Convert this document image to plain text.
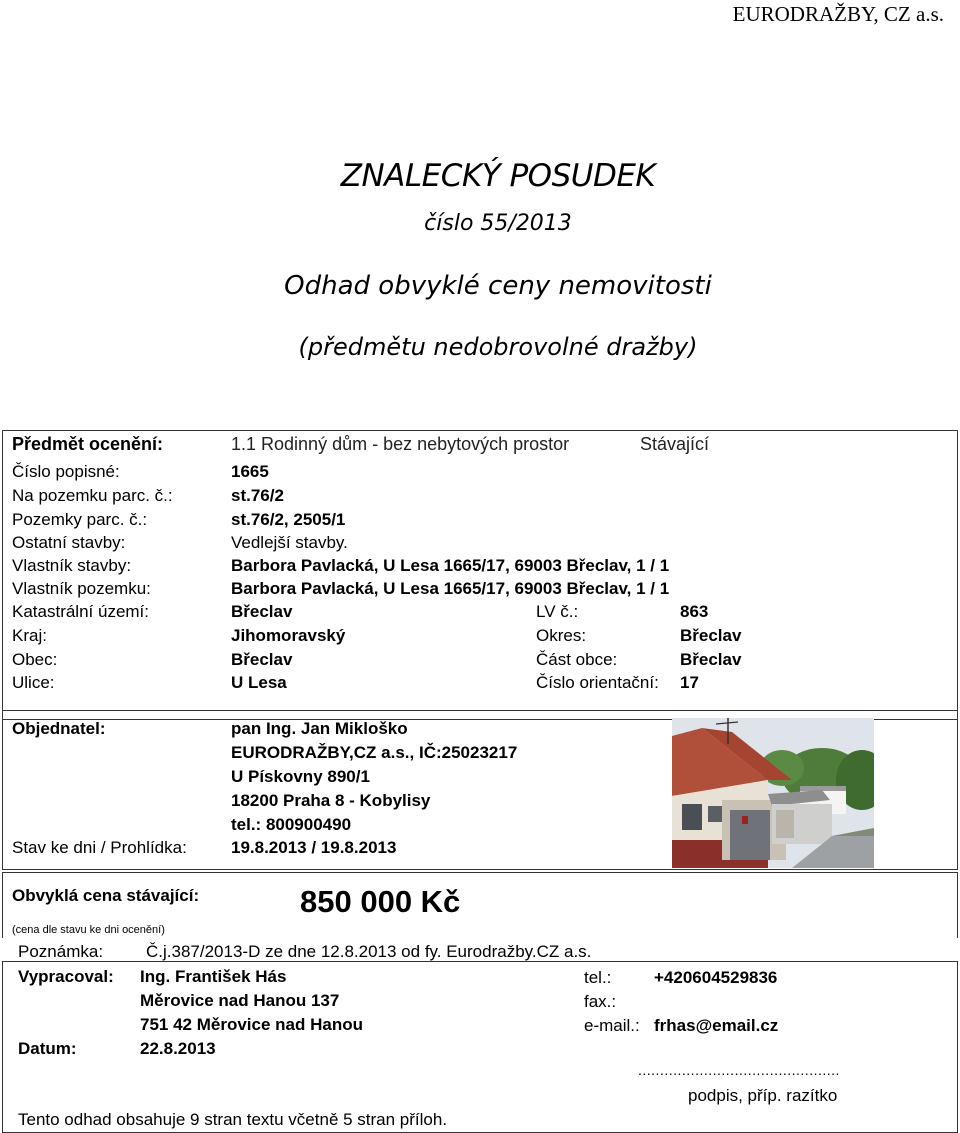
EURODRAŽBY, CZ a.s.
ZNALECKÝ POSUDEK
číslo 55/2013
Odhad obvyklé ceny nemovitosti
(předmětu nedobrovolné dražby)
Předmět ocenění:	1.1 Rodinný dům - bez nebytových prostor	Stávající
Číslo popisné:	1665
Na pozemku parc. č.:	st.76/2
Pozemky parc. č.:	st.76/2, 2505/1
Ostatní stavby:	Vedlejší stavby.
Vlastník stavby:	Barbora Pavlacká, U Lesa 1665/17, 69003 Břeclav, 1 / 1
Vlastník pozemku:	Barbora Pavlacká, U Lesa 1665/17, 69003 Břeclav, 1 / 1
Katastrální území:	Břeclav	LV č.:	863
Kraj:	Jihomoravský	Okres:	Břeclav
Obec:	Břeclav	Část obce:	Břeclav
Ulice:	U Lesa	Číslo orientační: 17
Objednatel:	pan Ing. Jan Mikloško
EURODRAŽBY,CZ a.s., IČ:25023217
U Pískovny 890/1
18200 Praha 8 - Kobylisy
tel.: 800900490
Stav ke dni / Prohlídka:	19.8.2013 / 19.8.2013
Obvyklá cena stávající:	850 000 Kč
(cena dle stavu ke dni ocenění)
Poznámka:	Č.j.387/2013-D ze dne 12.8.2013 od fy. Eurodražby.CZ a.s.
Vypracoval: Ing. František Hás
Měrovice nad Hanou 137
751 42 Měrovice nad Hanou
tel.:	+420604529836
fax.:
e-mail.: frhas@email.cz
Datum:	22.8.2013
..............................................
podpis, příp. razítko
Tento odhad obsahuje 9 stran textu včetně 5 stran příloh.
